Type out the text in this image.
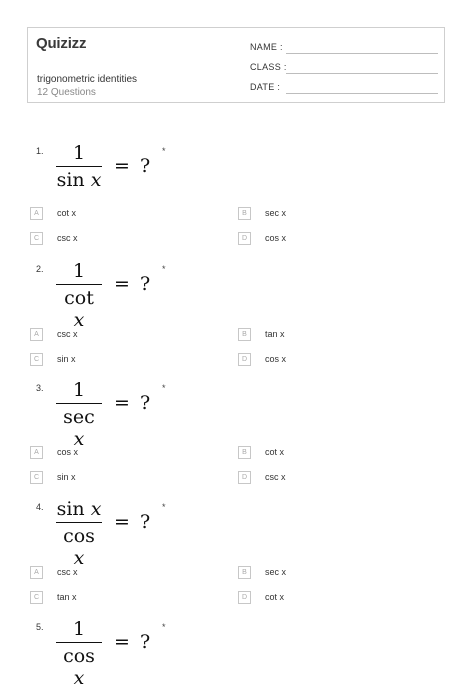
Quizizz
trigonometric identities
12 Questions
NAME :
CLASS :
DATE :
1.	1
sin x
= ?
*
A	cot x	B	sec x
C	csc x	D	cos x
2.	1
cot x
= ?
*
A	csc x	B	tan x
C	sin x	D	cos x
3.	1
sec x
= ?
*
A	cos x	B	cot x
C	sin x	D	csc x
4. sin x
cos x
= ?
*
A	csc x	B	sec x
C	tan x	D	cot x
5.	1
cos x
= ?
*
